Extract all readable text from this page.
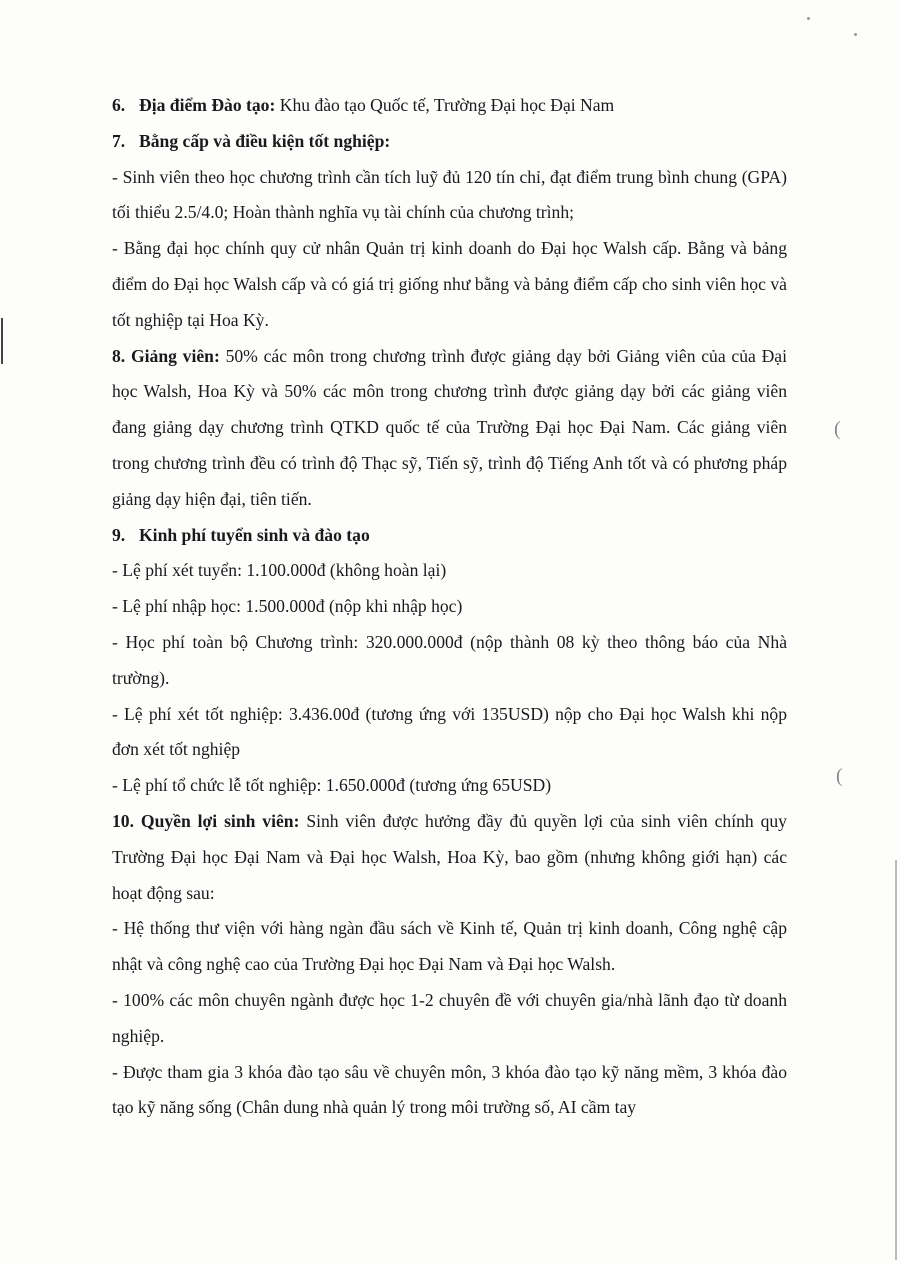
(
(

6. Địa điểm Đào tạo: Khu đào tạo Quốc tế, Trường Đại học Đại Nam

7. Bằng cấp và điều kiện tốt nghiệp:

- Sinh viên theo học chương trình cần tích luỹ đủ 120 tín chỉ, đạt điểm trung bình chung (GPA) tối thiểu 2.5/4.0; Hoàn thành nghĩa vụ tài chính của chương trình;

- Bằng đại học chính quy cử nhân Quản trị kinh doanh do Đại học Walsh cấp. Bằng và bảng điểm do Đại học Walsh cấp và có giá trị giống như bằng và bảng điểm cấp cho sinh viên học và tốt nghiệp tại Hoa Kỳ.

8. Giảng viên: 50% các môn trong chương trình được giảng dạy bởi Giảng viên của của Đại học Walsh, Hoa Kỳ và 50% các môn trong chương trình được giảng dạy bởi các giảng viên đang giảng dạy chương trình QTKD quốc tế của Trường Đại học Đại Nam. Các giảng viên trong chương trình đều có trình độ Thạc sỹ, Tiến sỹ, trình độ Tiếng Anh tốt và có phương pháp giảng dạy hiện đại, tiên tiến.

9. Kinh phí tuyển sinh và đào tạo

- Lệ phí xét tuyển: 1.100.000đ (không hoàn lại)

- Lệ phí nhập học: 1.500.000đ (nộp khi nhập học)

- Học phí toàn bộ Chương trình: 320.000.000đ (nộp thành 08 kỳ theo thông báo của Nhà trường).

- Lệ phí xét tốt nghiệp: 3.436.00đ (tương ứng với 135USD) nộp cho Đại học Walsh khi nộp đơn xét tốt nghiệp

- Lệ phí tổ chức lễ tốt nghiệp: 1.650.000đ (tương ứng 65USD)

10. Quyền lợi sinh viên: Sinh viên được hưởng đầy đủ quyền lợi của sinh viên chính quy Trường Đại học Đại Nam và Đại học Walsh, Hoa Kỳ, bao gồm (nhưng không giới hạn) các hoạt động sau:

- Hệ thống thư viện với hàng ngàn đầu sách về Kinh tế, Quản trị kinh doanh, Công nghệ cập nhật và công nghệ cao của Trường Đại học Đại Nam và Đại học Walsh.

- 100% các môn chuyên ngành được học 1-2 chuyên đề với chuyên gia/nhà lãnh đạo từ doanh nghiệp.

- Được tham gia 3 khóa đào tạo sâu về chuyên môn, 3 khóa đào tạo kỹ năng mềm, 3 khóa đào tạo kỹ năng sống (Chân dung nhà quản lý trong môi trường số, AI cầm tay
